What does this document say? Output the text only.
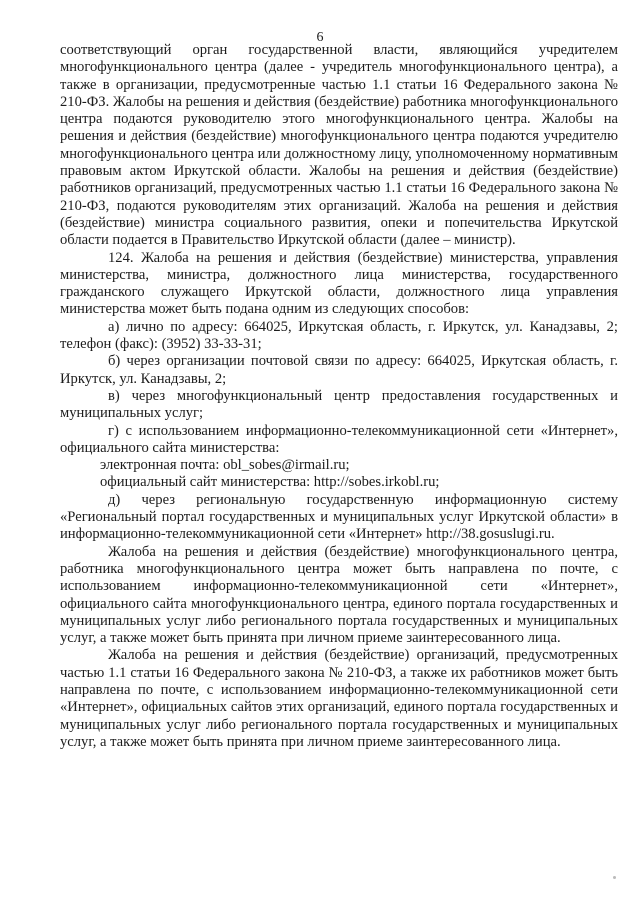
6

соответствующий орган государственной власти, являющийся учредителем многофункционального центра (далее - учредитель многофункционального центра), а также в организации, предусмотренные частью 1.1 статьи 16 Федерального закона № 210-ФЗ. Жалобы на решения и действия (бездействие) работника многофункционального центра подаются руководителю этого многофункционального центра. Жалобы на решения и действия (бездействие) многофункционального центра подаются учредителю многофункционального центра или должностному лицу, уполномоченному нормативным правовым актом Иркутской области. Жалобы на решения и действия (бездействие) работников организаций, предусмотренных частью 1.1 статьи 16 Федерального закона № 210-ФЗ, подаются руководителям этих организаций. Жалоба на решения и действия (бездействие) министра социального развития, опеки и попечительства Иркутской области подается в Правительство Иркутской области (далее – министр).

124. Жалоба на решения и действия (бездействие) министерства, управления министерства, министра, должностного лица министерства, государственного гражданского служащего Иркутской области, должностного лица управления министерства может быть подана одним из следующих способов:

а) лично по адресу: 664025, Иркутская область, г. Иркутск, ул. Канадзавы, 2; телефон (факс): (3952) 33-33-31;

б) через организации почтовой связи по адресу: 664025, Иркутская область, г. Иркутск, ул. Канадзавы, 2;

в) через многофункциональный центр предоставления государственных и муниципальных услуг;

г) с использованием информационно-телекоммуникационной сети «Интернет», официального сайта министерства:

электронная почта: obl_sobes@irmail.ru;

официальный сайт министерства: http://sobes.irkobl.ru;

д) через региональную государственную информационную систему «Региональный портал государственных и муниципальных услуг Иркутской области» в информационно-телекоммуникационной сети «Интернет» http://38.gosuslugi.ru.

Жалоба на решения и действия (бездействие) многофункционального центра, работника многофункционального центра может быть направлена по почте, с использованием информационно-телекоммуникационной сети «Интернет», официального сайта многофункционального центра, единого портала государственных и муниципальных услуг либо регионального портала государственных и муниципальных услуг, а также может быть принята при личном приеме заинтересованного лица.

Жалоба на решения и действия (бездействие) организаций, предусмотренных частью 1.1 статьи 16 Федерального закона № 210-ФЗ, а также их работников может быть направлена по почте, с использованием информационно-телекоммуникационной сети «Интернет», официальных сайтов этих организаций, единого портала государственных и муниципальных услуг либо регионального портала государственных и муниципальных услуг, а также может быть принята при личном приеме заинтересованного лица.
